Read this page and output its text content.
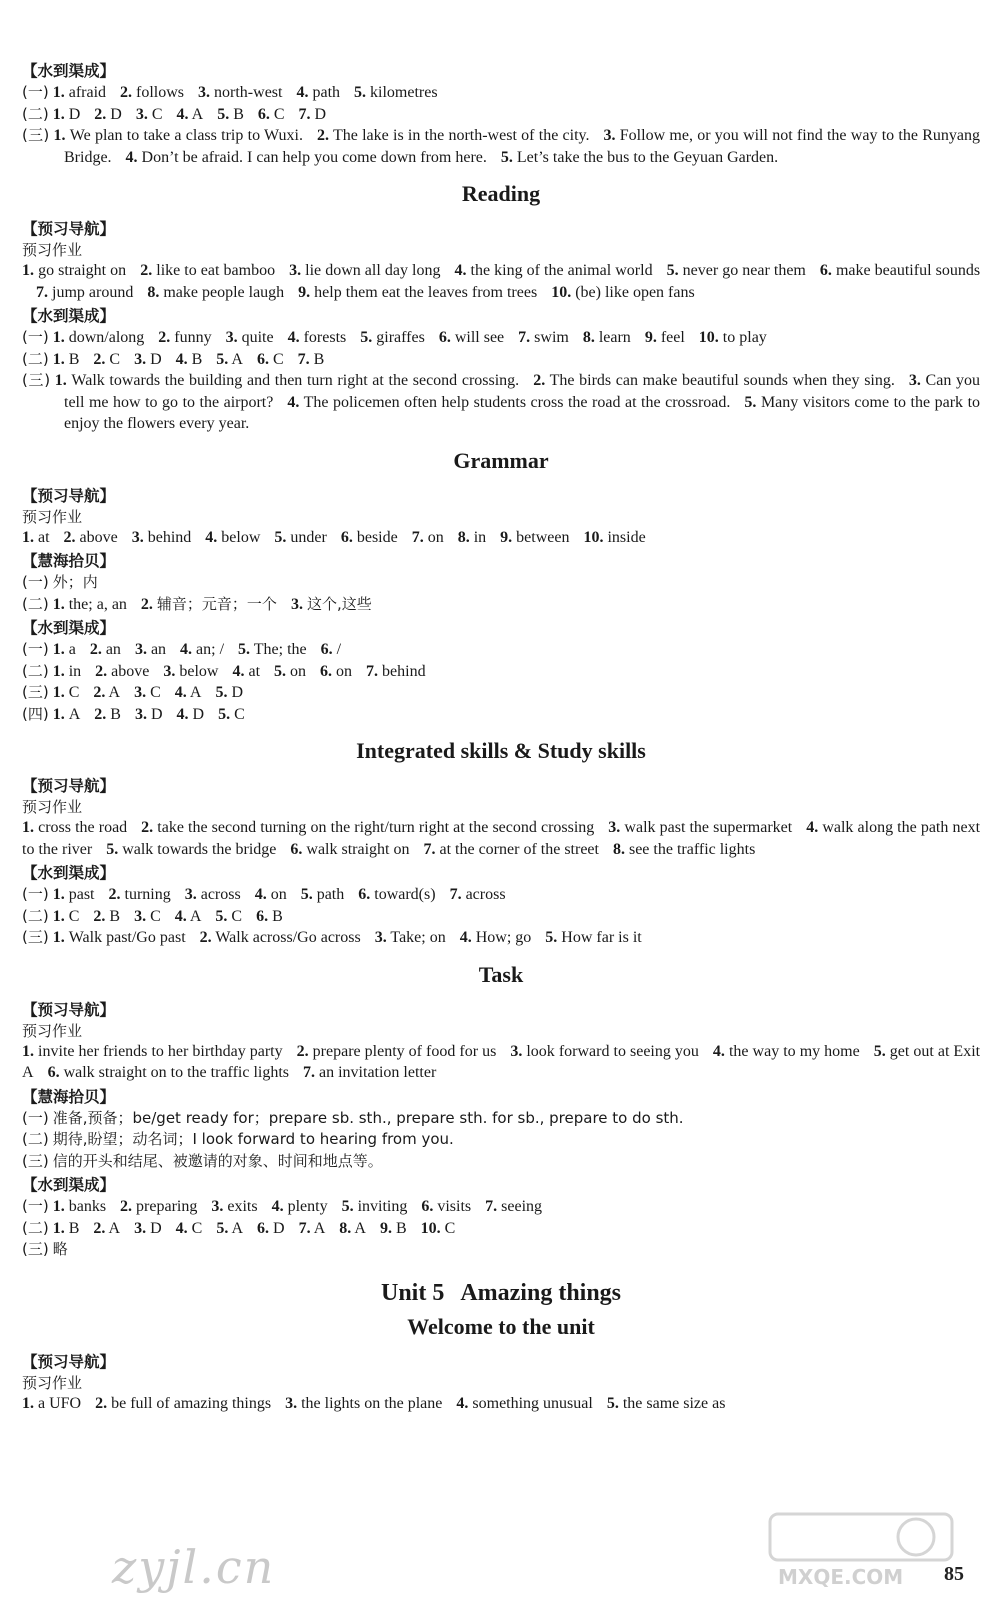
【水到渠成】
(一) 1. afraid 2. follows 3. north-west 4. path 5. kilometres
(二) 1. D 2. D 3. C 4. A 5. B 6. C 7. D
(三) 1. We plan to take a class trip to Wuxi. 2. The lake is in the north-west of the city. 3. Follow me, or you will not find the way to the Runyang Bridge. 4. Don’t be afraid. I can help you come down from here. 5. Let’s take the bus to the Geyuan Garden.
Reading
【预习导航】
预习作业
1. go straight on 2. like to eat bamboo 3. lie down all day long 4. the king of the animal world 5. never go near them 6. make beautiful sounds7. jump around 8. make people laugh 9. help them eat the leaves from trees 10. (be) like open fans
【水到渠成】
(一) 1. down/along 2. funny 3. quite 4. forests 5. giraffes 6. will see 7. swim 8. learn 9. feel 10. to play
(二) 1. B 2. C 3. D 4. B 5. A 6. C 7. B
(三) 1. Walk towards the building and then turn right at the second crossing. 2. The birds can make beautiful sounds when they sing. 3. Can you tell me how to go to the airport? 4. The policemen often help students cross the road at the crossroad. 5. Many visitors come to the park to enjoy the flowers every year.
Grammar
【预习导航】
预习作业
1. at 2. above 3. behind 4. below 5. under 6. beside 7. on 8. in 9. between 10. inside
【慧海拾贝】
(一) 外；内
(二) 1. the; a, an 2. 辅音；元音；一个 3. 这个,这些
【水到渠成】
(一) 1. a 2. an 3. an 4. an; / 5. The; the 6. /
(二) 1. in 2. above 3. below 4. at 5. on 6. on 7. behind
(三) 1. C 2. A 3. C 4. A 5. D
(四) 1. A 2. B 3. D 4. D 5. C
Integrated skills & Study skills
【预习导航】
预习作业
1. cross the road 2. take the second turning on the right/turn right at the second crossing 3. walk past the supermarket 4. walk along the path next to the river 5. walk towards the bridge 6. walk straight on 7. at the corner of the street 8. see the traffic lights
【水到渠成】
(一) 1. past 2. turning 3. across 4. on 5. path 6. toward(s) 7. across
(二) 1. C 2. B 3. C 4. A 5. C 6. B
(三) 1. Walk past/Go past 2. Walk across/Go across 3. Take; on 4. How; go 5. How far is it
Task
【预习导航】
预习作业
1. invite her friends to her birthday party 2. prepare plenty of food for us 3. look forward to seeing you 4. the way to my home 5. get out at Exit A 6. walk straight on to the traffic lights 7. an invitation letter
【慧海拾贝】
(一) 准备,预备；be/get ready for；prepare sb. sth., prepare sth. for sb., prepare to do sth.
(二) 期待,盼望；动名词；I look forward to hearing from you.
(三) 信的开头和结尾、被邀请的对象、时间和地点等。
【水到渠成】
(一) 1. banks 2. preparing 3. exits 4. plenty 5. inviting 6. visits 7. seeing
(二) 1. B 2. A 3. D 4. C 5. A 6. D 7. A 8. A 9. B 10. C
(三) 略
Unit 5 Amazing things
Welcome to the unit
【预习导航】
预习作业
1. a UFO 2. be full of amazing things 3. the lights on the plane 4. something unusual 5. the same size as
zyjl.cn	MXQE.COM 85
